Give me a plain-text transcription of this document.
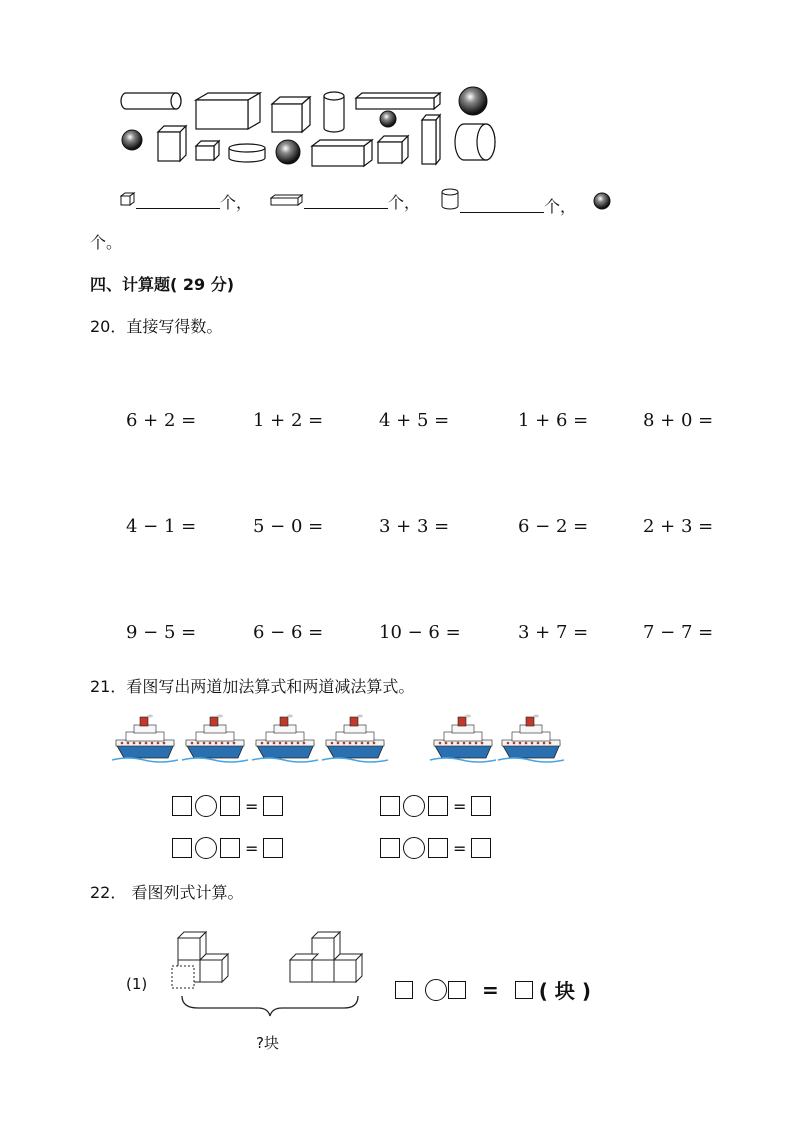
个，	个，	个，
个。
四、计算题( 29 分)
20．直接写得数。
6 + 2 =	1 + 2 =	4 + 5 =	1 + 6 =	8 + 0 =
4 − 1 =	5 − 0 =	3 + 3 =	6 − 2 =	2 + 3 =
9 − 5 =	6 − 6 =	10 − 6 =	3 + 7 =	7 − 7 =
21．看图写出两道加法算式和两道减法算式。
=	=
=	=
22． 看图列式计算。
(1)
?块
= ( 块 )
